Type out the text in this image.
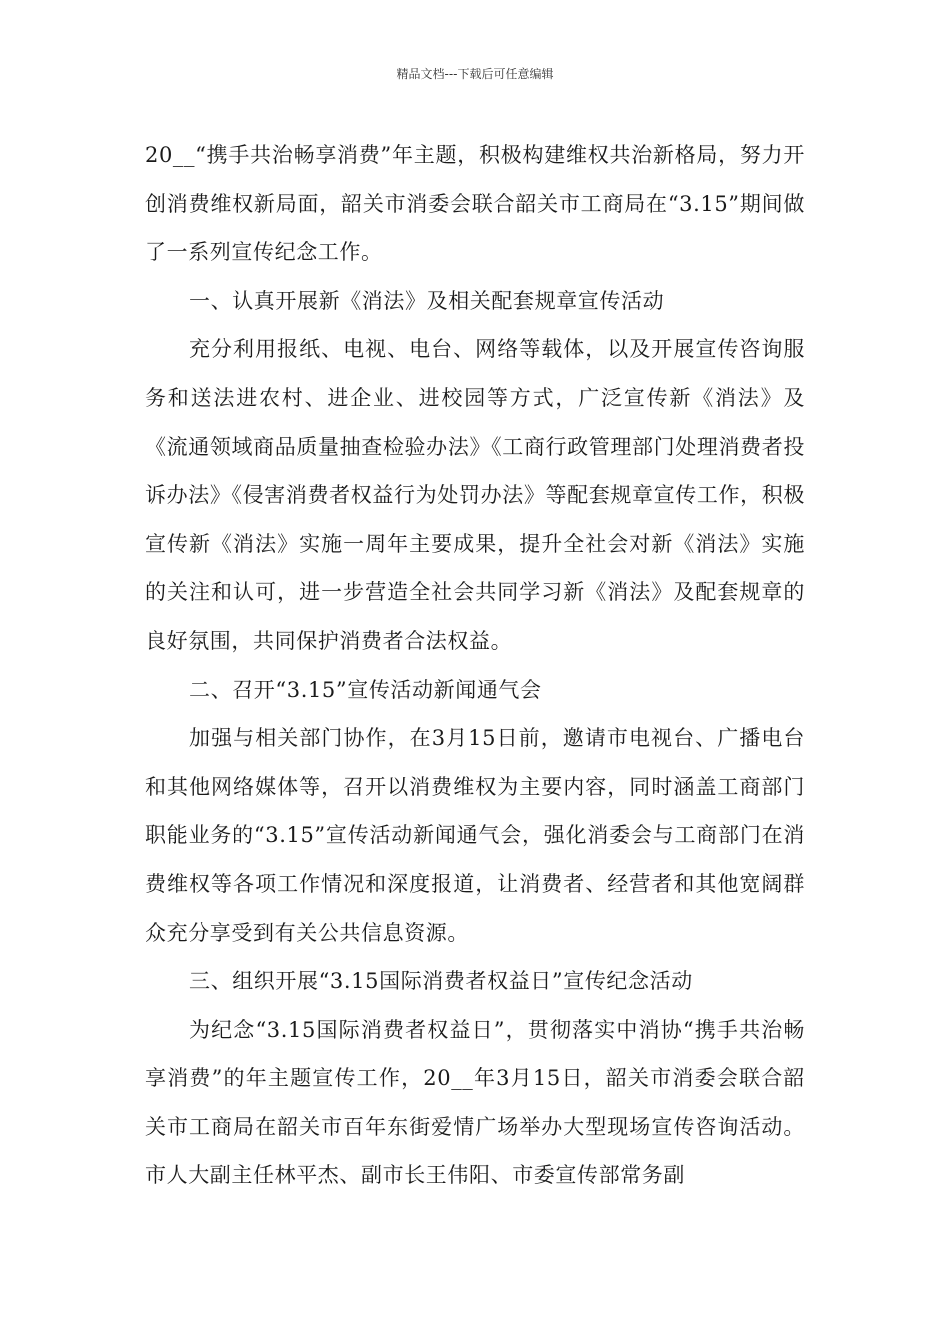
精品文档---下载后可任意编辑

20__“携手共治畅享消费”年主题，积极构建维权共治新格局，努力开创消费维权新局面，韶关市消委会联合韶关市工商局在“3.15”期间做了一系列宣传纪念工作。

一、认真开展新《消法》及相关配套规章宣传活动

充分利用报纸、电视、电台、网络等载体，以及开展宣传咨询服务和送法进农村、进企业、进校园等方式，广泛宣传新《消法》及《流通领域商品质量抽查检验办法》《工商行政管理部门处理消费者投诉办法》《侵害消费者权益行为处罚办法》等配套规章宣传工作，积极宣传新《消法》实施一周年主要成果，提升全社会对新《消法》实施的关注和认可，进一步营造全社会共同学习新《消法》及配套规章的良好氛围，共同保护消费者合法权益。

二、召开“3.15”宣传活动新闻通气会

加强与相关部门协作，在3月15日前，邀请市电视台、广播电台和其他网络媒体等，召开以消费维权为主要内容，同时涵盖工商部门职能业务的“3.15”宣传活动新闻通气会，强化消委会与工商部门在消费维权等各项工作情况和深度报道，让消费者、经营者和其他宽阔群众充分享受到有关公共信息资源。

三、组织开展“3.15国际消费者权益日”宣传纪念活动

为纪念“3.15国际消费者权益日”，贯彻落实中消协“携手共治畅享消费”的年主题宣传工作，20__年3月15日，韶关市消委会联合韶关市工商局在韶关市百年东街爱情广场举办大型现场宣传咨询活动。市人大副主任林平杰、副市长王伟阳、市委宣传部常务副
